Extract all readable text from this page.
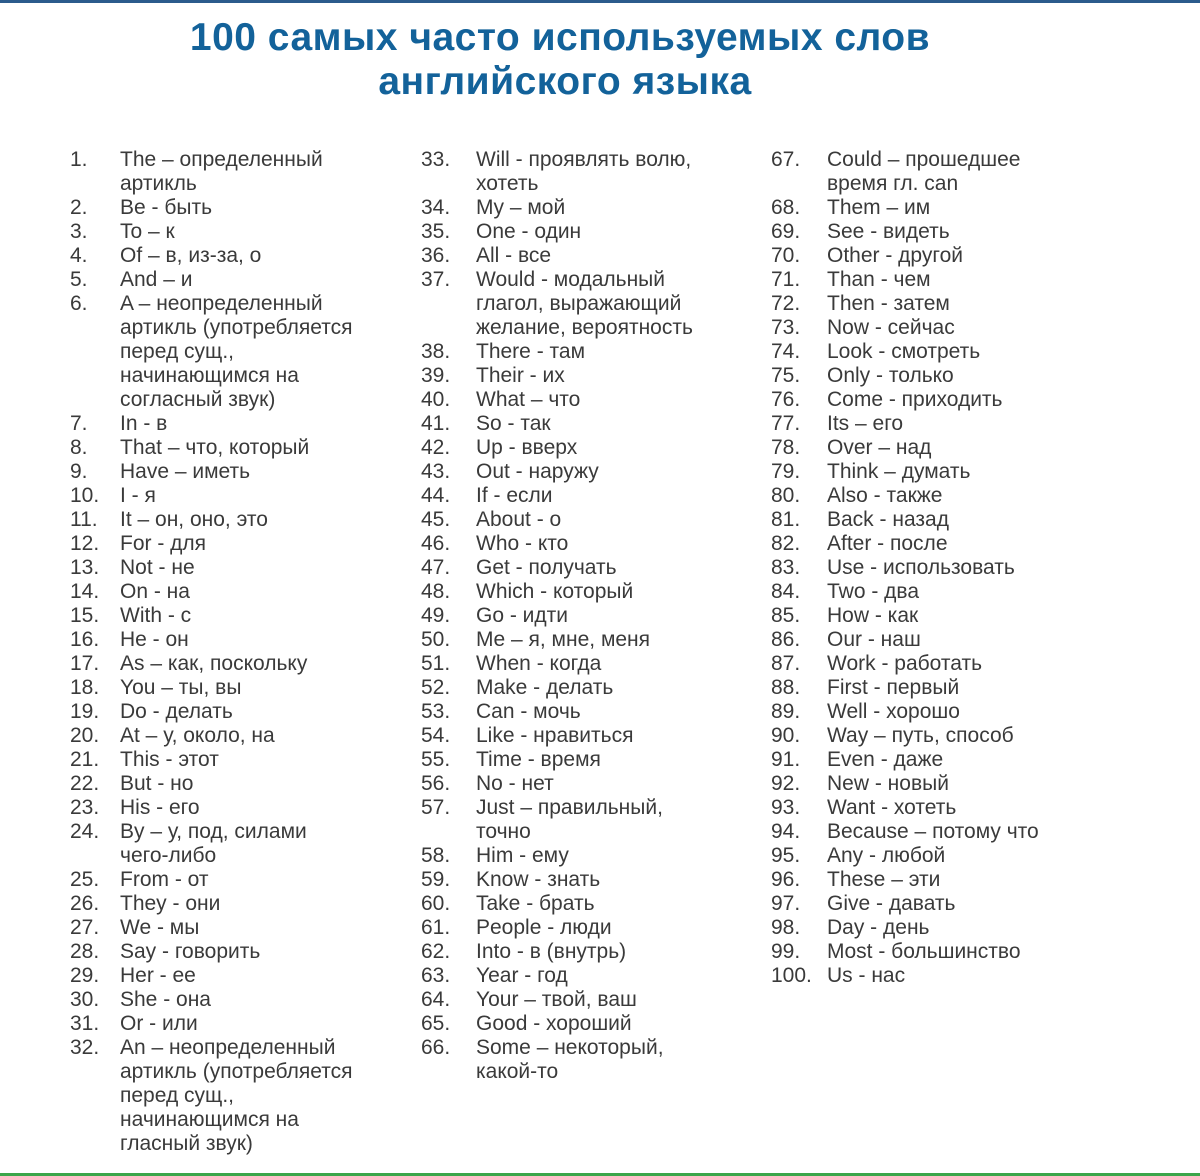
100 самых часто используемых слов
английского языка
1.	The – определенный
артикль
2.	Be - быть
3.	To – к
4.	Of – в, из-за, о
5.	And – и
6.	A – неопределенный
артикль (употребляется
перед сущ.,
начинающимся на
согласный звук)
7.	In - в
8.	That – что, который
9.	Have – иметь
10. I - я
11.	It – он, оно, это
12. For - для
13. Not - не
14. On - на
15. With - с
16. He - он
17. As – как, поскольку
18. You – ты, вы
19. Do - делать
20. At – у, около, на
21. This - этот
22. But - но
23. His - его
24. By – у, под, силами
чего-либо
25. From - от
26. They - они
27. We - мы
28. Say - говорить
29. Her - ее
30. She - она
31. Or - или
32. An – неопределенный
артикль (употребляется
перед сущ.,
начинающимся на
гласный звук)
33.	Will - проявлять волю,
хотеть
34.	My – мой
35.	One - один
36.	All - все
37.	Would - модальный
глагол, выражающий
желание, вероятность
38.	There - там
39.	Their - их
40.	What – что
41.	So - так
42.	Up - вверх
43.	Out - наружу
44.	If - если
45.	About - о
46.	Who - кто
47.	Get - получать
48.	Which - который
49.	Go - идти
50.	Me – я, мне, меня
51.	When - когда
52.	Make - делать
53.	Can - мочь
54.	Like - нравиться
55.	Time - время
56.	No - нет
57.	Just – правильный,
точно
58.	Him - ему
59.	Know - знать
60.	Take - брать
61.	People - люди
62.	Into - в (внутрь)
63.	Year - год
64.	Your – твой, ваш
65.	Good - хороший
66.	Some – некоторый,
какой-то
67.	Could – прошедшее
время гл. can
68.	Them – им
69.	See - видеть
70.	Other - другой
71.	Than - чем
72.	Then - затем
73.	Now - сейчас
74.	Look - смотреть
75.	Only - только
76.	Come - приходить
77.	Its – его
78.	Over – над
79.	Think – думать
80.	Also - также
81.	Back - назад
82.	After - после
83.	Use - использовать
84.	Two - два
85.	How - как
86.	Our - наш
87.	Work - работать
88.	First - первый
89.	Well - хорошо
90.	Way – путь, способ
91.	Even - даже
92.	New - новый
93.	Want - хотеть
94.	Because – потому что
95.	Any - любой
96.	These – эти
97.	Give - давать
98.	Day - день
99.	Most - большинство
100. Us - нас
